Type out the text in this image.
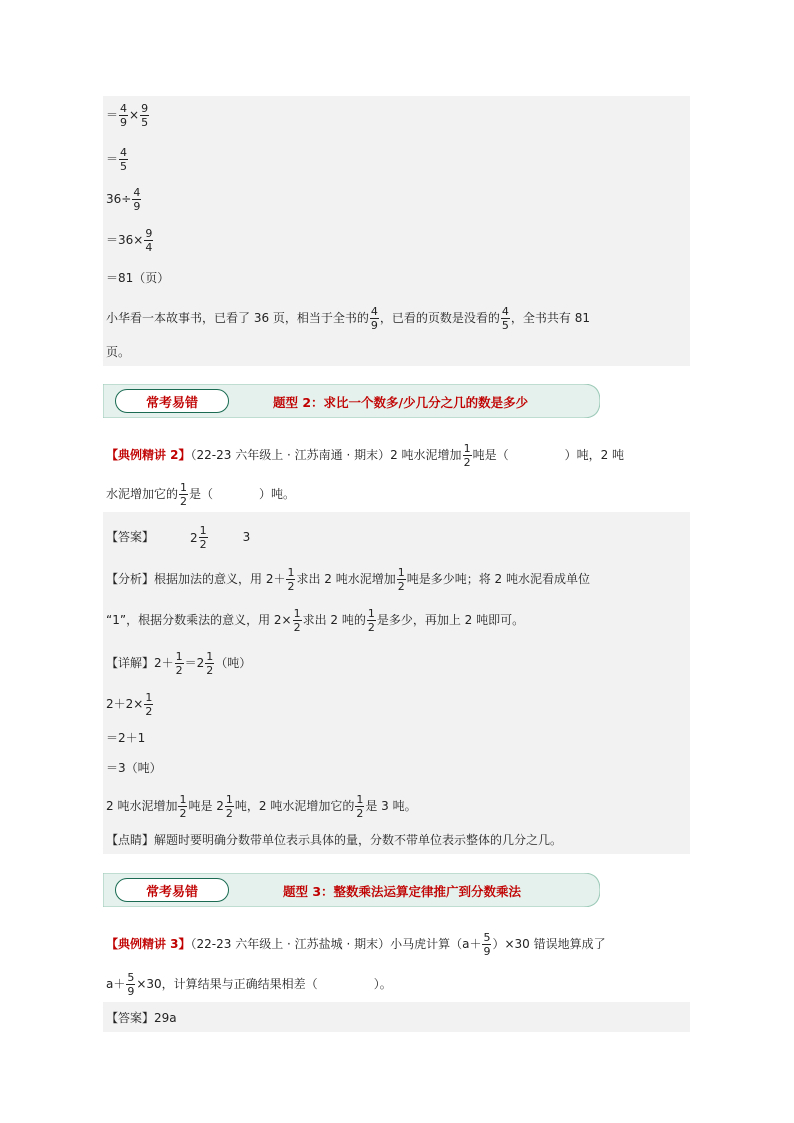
＝ $\frac{4}{9} \times \frac{9}{5}$
＝ $\frac{4}{5}$
$36\div \frac{4}{9}$
$=36\times \frac{9}{4}$
＝81（页）
小华看一本故事书，已看了 36 页，相当于全书的 $\frac{4}{9}$ ，已看的页数是没看的 $\frac{4}{5}$ ，全书共有 81
页。
常考易错	题型 2：求比一个数多/少几分之几的数是多少
【典例精讲 2】（22-23 六年级上 · 江苏南通 · 期末）2 吨水泥增加 $\frac{1}{2}$ 吨是（	）吨，2 吨
水泥增加它的 $\frac{1}{2}$ 是（	）吨。
【答案】	$2 \frac{1}{2}$	3
【分析】根据加法的意义，用 $2+ \frac{1}{2}$ 求出 2 吨水泥增加 $\frac{1}{2}$ 吨是多少吨；将 2 吨水泥看成单位
“1”，根据分数乘法的意义，用 $2\times \frac{1}{2}$ 求出 2 吨的 $\frac{1}{2}$ 是多少，再加上 2 吨即可。
【详解】$2+ \frac{1}{2} =2 \frac{1}{2}$ （吨）
$2+2\times \frac{1}{2}$
＝2＋1
＝3（吨）
2 吨水泥增加 $\frac{1}{2}$ 吨是 $2 \frac{1}{2}$ 吨，2 吨水泥增加它的 $\frac{1}{2}$ 是 3 吨。
【点睛】解题时要明确分数带单位表示具体的量，分数不带单位表示整体的几分之几。
常考易错	题型 3：整数乘法运算定律推广到分数乘法
【典例精讲 3】（22-23 六年级上 · 江苏盐城 · 期末）小马虎计算$(a+ \frac{5}{9} )\times 30$ 错误地算成了
$a+ \frac{5}{9} \times 30$，计算结果与正确结果相差（	）。
【答案】29a
